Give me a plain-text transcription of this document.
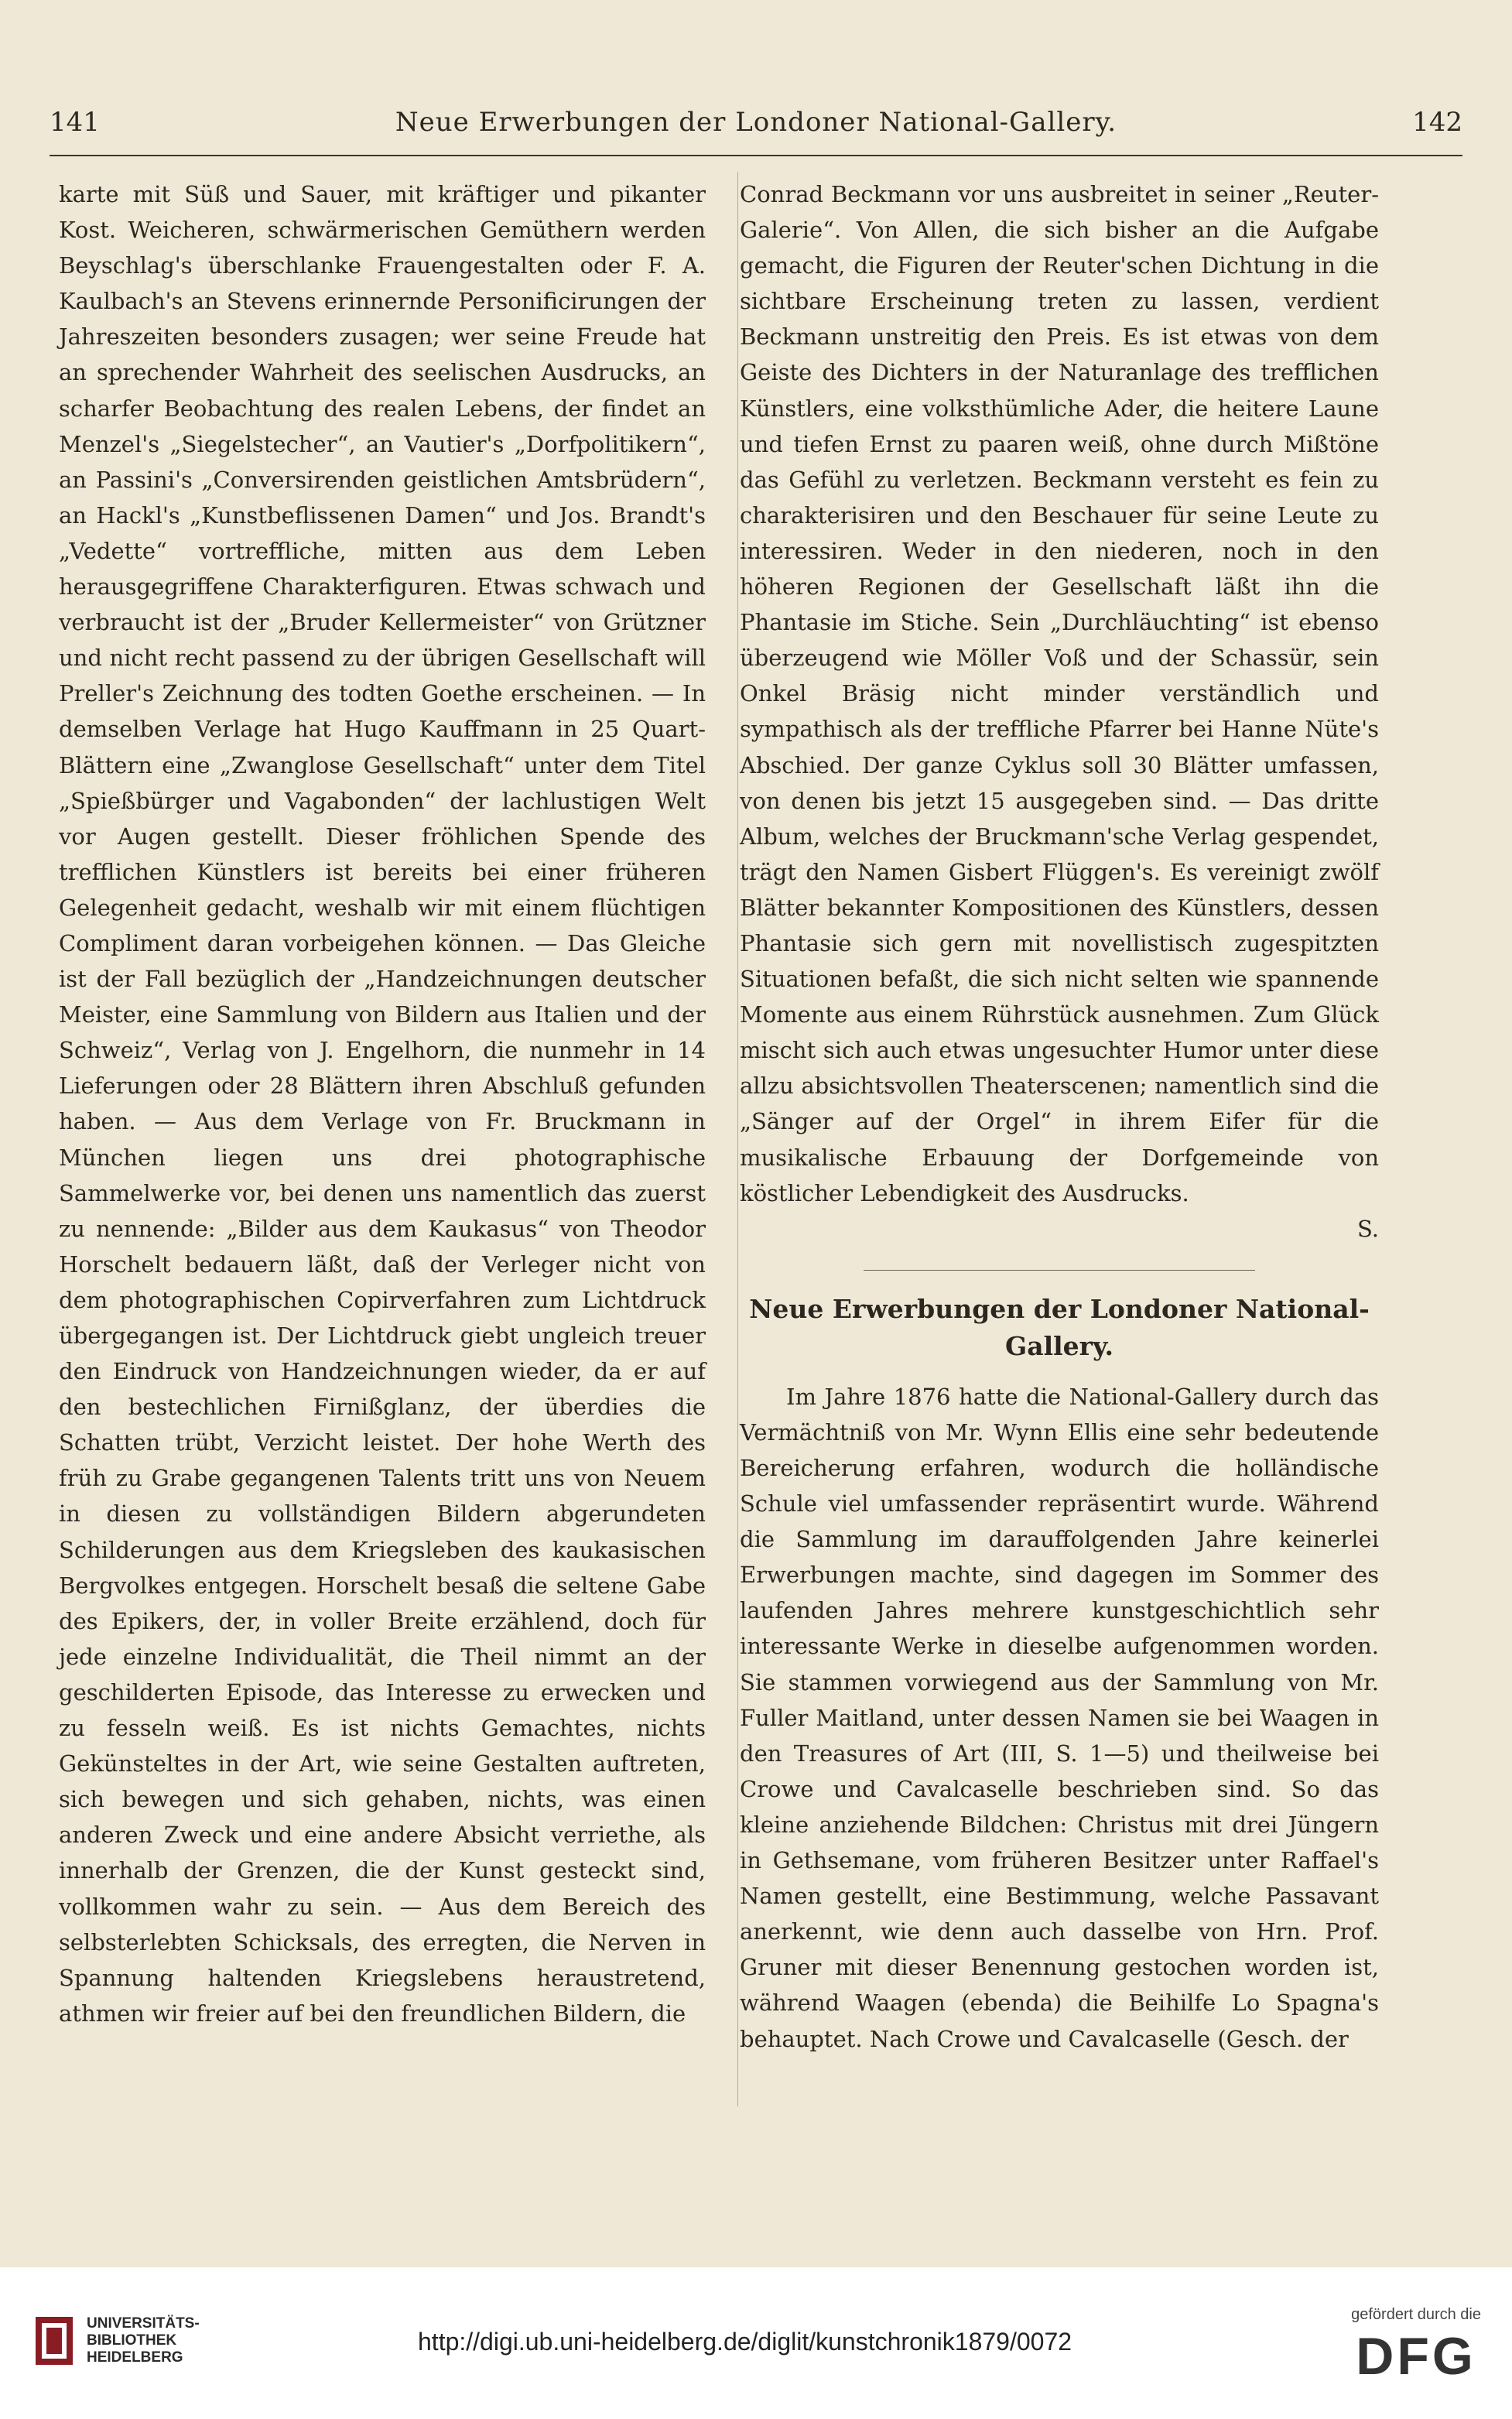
141	Neue Erwerbungen der Londoner National-Gallery.	142
karte mit Süß und Sauer, mit kräftiger und pikanter Kost. Weicheren, schwärmerischen Gemüthern werden Beyschlag's überschlanke Frauengestalten oder F. A. Kaulbach's an Stevens erinnernde Personificirungen der Jahreszeiten besonders zusagen; wer seine Freude hat an sprechender Wahrheit des seelischen Ausdrucks, an scharfer Beobachtung des realen Lebens, der findet an Menzel's „Siegelstecher“, an Vautier's „Dorfpolitikern“, an Passini's „Conversirenden geistlichen Amtsbrüdern“, an Hackl's „Kunstbeflissenen Damen“ und Jos. Brandt's „Vedette“ vortreffliche, mitten aus dem Leben herausgegriffene Charakterfiguren. Etwas schwach und verbraucht ist der „Bruder Kellermeister“ von Grützner und nicht recht passend zu der übrigen Gesellschaft will Preller's Zeichnung des todten Goethe erscheinen. — In demselben Verlage hat Hugo Kauffmann in 25 Quart-Blättern eine „Zwanglose Gesellschaft“ unter dem Titel „Spießbürger und Vagabonden“ der lachlustigen Welt vor Augen gestellt. Dieser fröhlichen Spende des trefflichen Künstlers ist bereits bei einer früheren Gelegenheit gedacht, weshalb wir mit einem flüchtigen Compliment daran vorbeigehen können. — Das Gleiche ist der Fall bezüglich der „Handzeichnungen deutscher Meister, eine Sammlung von Bildern aus Italien und der Schweiz“, Verlag von J. Engelhorn, die nunmehr in 14 Lieferungen oder 28 Blättern ihren Abschluß gefunden haben. — Aus dem Verlage von Fr. Bruckmann in München liegen uns drei photographische Sammelwerke vor, bei denen uns namentlich das zuerst zu nennende: „Bilder aus dem Kaukasus“ von Theodor Horschelt bedauern läßt, daß der Verleger nicht von dem photographischen Copirverfahren zum Lichtdruck übergegangen ist. Der Lichtdruck giebt ungleich treuer den Eindruck von Handzeichnungen wieder, da er auf den bestechlichen Firnißglanz, der überdies die Schatten trübt, Verzicht leistet. Der hohe Werth des früh zu Grabe gegangenen Talents tritt uns von Neuem in diesen zu vollständigen Bildern abgerundeten Schilderungen aus dem Kriegsleben des kaukasischen Bergvolkes entgegen. Horschelt besaß die seltene Gabe des Epikers, der, in voller Breite erzählend, doch für jede einzelne Individualität, die Theil nimmt an der geschilderten Episode, das Interesse zu erwecken und zu fesseln weiß. Es ist nichts Gemachtes, nichts Gekünsteltes in der Art, wie seine Gestalten auftreten, sich bewegen und sich gehaben, nichts, was einen anderen Zweck und eine andere Absicht verriethe, als innerhalb der Grenzen, die der Kunst gesteckt sind, vollkommen wahr zu sein. — Aus dem Bereich des selbsterlebten Schicksals, des erregten, die Nerven in Spannung haltenden Kriegslebens heraustretend, athmen wir freier auf bei den freundlichen Bildern, die

Conrad Beckmann vor uns ausbreitet in seiner „Reuter-Galerie“. Von Allen, die sich bisher an die Aufgabe gemacht, die Figuren der Reuter'schen Dichtung in die sichtbare Erscheinung treten zu lassen, verdient Beckmann unstreitig den Preis. Es ist etwas von dem Geiste des Dichters in der Naturanlage des trefflichen Künstlers, eine volksthümliche Ader, die heitere Laune und tiefen Ernst zu paaren weiß, ohne durch Mißtöne das Gefühl zu verletzen. Beckmann versteht es fein zu charakterisiren und den Beschauer für seine Leute zu interessiren. Weder in den niederen, noch in den höheren Regionen der Gesellschaft läßt ihn die Phantasie im Stiche. Sein „Durchläuchting“ ist ebenso überzeugend wie Möller Voß und der Schassür, sein Onkel Bräsig nicht minder verständlich und sympathisch als der treffliche Pfarrer bei Hanne Nüte's Abschied. Der ganze Cyklus soll 30 Blätter umfassen, von denen bis jetzt 15 ausgegeben sind. — Das dritte Album, welches der Bruckmann'sche Verlag gespendet, trägt den Namen Gisbert Flüggen's. Es vereinigt zwölf Blätter bekannter Kompositionen des Künstlers, dessen Phantasie sich gern mit novellistisch zugespitzten Situationen befaßt, die sich nicht selten wie spannende Momente aus einem Rührstück ausnehmen. Zum Glück mischt sich auch etwas ungesuchter Humor unter diese allzu absichtsvollen Theaterscenen; namentlich sind die „Sänger auf der Orgel“ in ihrem Eifer für die musikalische Erbauung der Dorfgemeinde von köstlicher Lebendigkeit des Ausdrucks.

S.

Neue Erwerbungen der Londoner National-Gallery.

Im Jahre 1876 hatte die National-Gallery durch das Vermächtniß von Mr. Wynn Ellis eine sehr bedeutende Bereicherung erfahren, wodurch die holländische Schule viel umfassender repräsentirt wurde. Während die Sammlung im darauffolgenden Jahre keinerlei Erwerbungen machte, sind dagegen im Sommer des laufenden Jahres mehrere kunstgeschichtlich sehr interessante Werke in dieselbe aufgenommen worden. Sie stammen vorwiegend aus der Sammlung von Mr. Fuller Maitland, unter dessen Namen sie bei Waagen in den Treasures of Art (III, S. 1—5) und theilweise bei Crowe und Cavalcaselle beschrieben sind. So das kleine anziehende Bildchen: Christus mit drei Jüngern in Gethsemane, vom früheren Besitzer unter Raffael's Namen gestellt, eine Bestimmung, welche Passavant anerkennt, wie denn auch dasselbe von Hrn. Prof. Gruner mit dieser Benennung gestochen worden ist, während Waagen (ebenda) die Beihilfe Lo Spagna's behauptet. Nach Crowe und Cavalcaselle (Gesch. der

UNIVERSITÄTS-
BIBLIOTHEK
HEIDELBERG
http://digi.ub.uni-heidelberg.de/diglit/kunstchronik1879/0072
gefördert durch die
DFG
